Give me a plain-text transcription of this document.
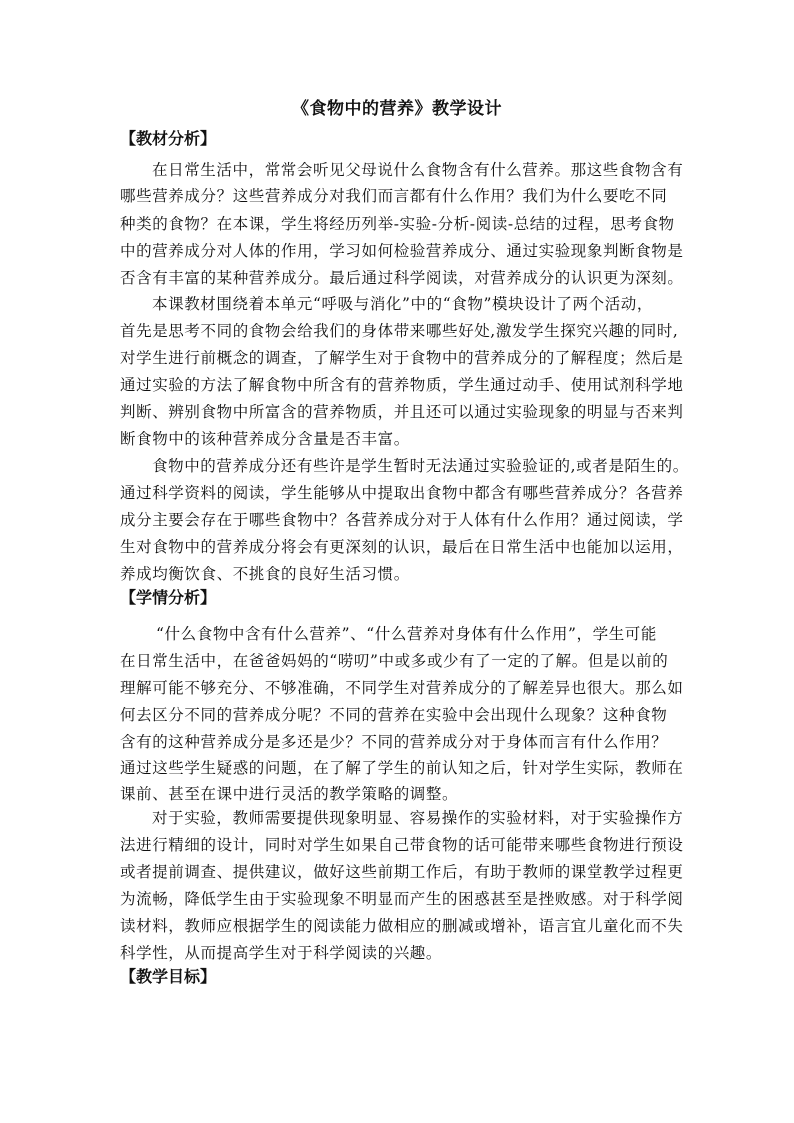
《食物中的营养》教学设计
【教材分析】
在日常生活中，常常会听见父母说什么食物含有什么营养。那这些食物含有
哪些营养成分？这些营养成分对我们而言都有什么作用？我们为什么要吃不同
种类的食物？在本课，学生将经历列举-实验-分析-阅读-总结的过程，思考食物
中的营养成分对人体的作用，学习如何检验营养成分、通过实验现象判断食物是
否含有丰富的某种营养成分。最后通过科学阅读，对营养成分的认识更为深刻。
本课教材围绕着本单元“呼吸与消化”中的“食物”模块设计了两个活动，
首先是思考不同的食物会给我们的身体带来哪些好处,激发学生探究兴趣的同时,
对学生进行前概念的调查，了解学生对于食物中的营养成分的了解程度；然后是
通过实验的方法了解食物中所含有的营养物质，学生通过动手、使用试剂科学地
判断、辨别食物中所富含的营养物质，并且还可以通过实验现象的明显与否来判
断食物中的该种营养成分含量是否丰富。
食物中的营养成分还有些许是学生暂时无法通过实验验证的,或者是陌生的。
通过科学资料的阅读，学生能够从中提取出食物中都含有哪些营养成分？各营养
成分主要会存在于哪些食物中？各营养成分对于人体有什么作用？通过阅读，学
生对食物中的营养成分将会有更深刻的认识，最后在日常生活中也能加以运用，
养成均衡饮食、不挑食的良好生活习惯。
【学情分析】
“什么食物中含有什么营养”、“什么营养对身体有什么作用”，学生可能
在日常生活中，在爸爸妈妈的“唠叨”中或多或少有了一定的了解。但是以前的
理解可能不够充分、不够准确，不同学生对营养成分的了解差异也很大。那么如
何去区分不同的营养成分呢？不同的营养在实验中会出现什么现象？这种食物
含有的这种营养成分是多还是少？不同的营养成分对于身体而言有什么作用？
通过这些学生疑惑的问题，在了解了学生的前认知之后，针对学生实际，教师在
课前、甚至在课中进行灵活的教学策略的调整。
对于实验，教师需要提供现象明显、容易操作的实验材料，对于实验操作方
法进行精细的设计，同时对学生如果自己带食物的话可能带来哪些食物进行预设
或者提前调查、提供建议，做好这些前期工作后，有助于教师的课堂教学过程更
为流畅，降低学生由于实验现象不明显而产生的困惑甚至是挫败感。对于科学阅
读材料，教师应根据学生的阅读能力做相应的删减或增补，语言宜儿童化而不失
科学性，从而提高学生对于科学阅读的兴趣。
【教学目标】
